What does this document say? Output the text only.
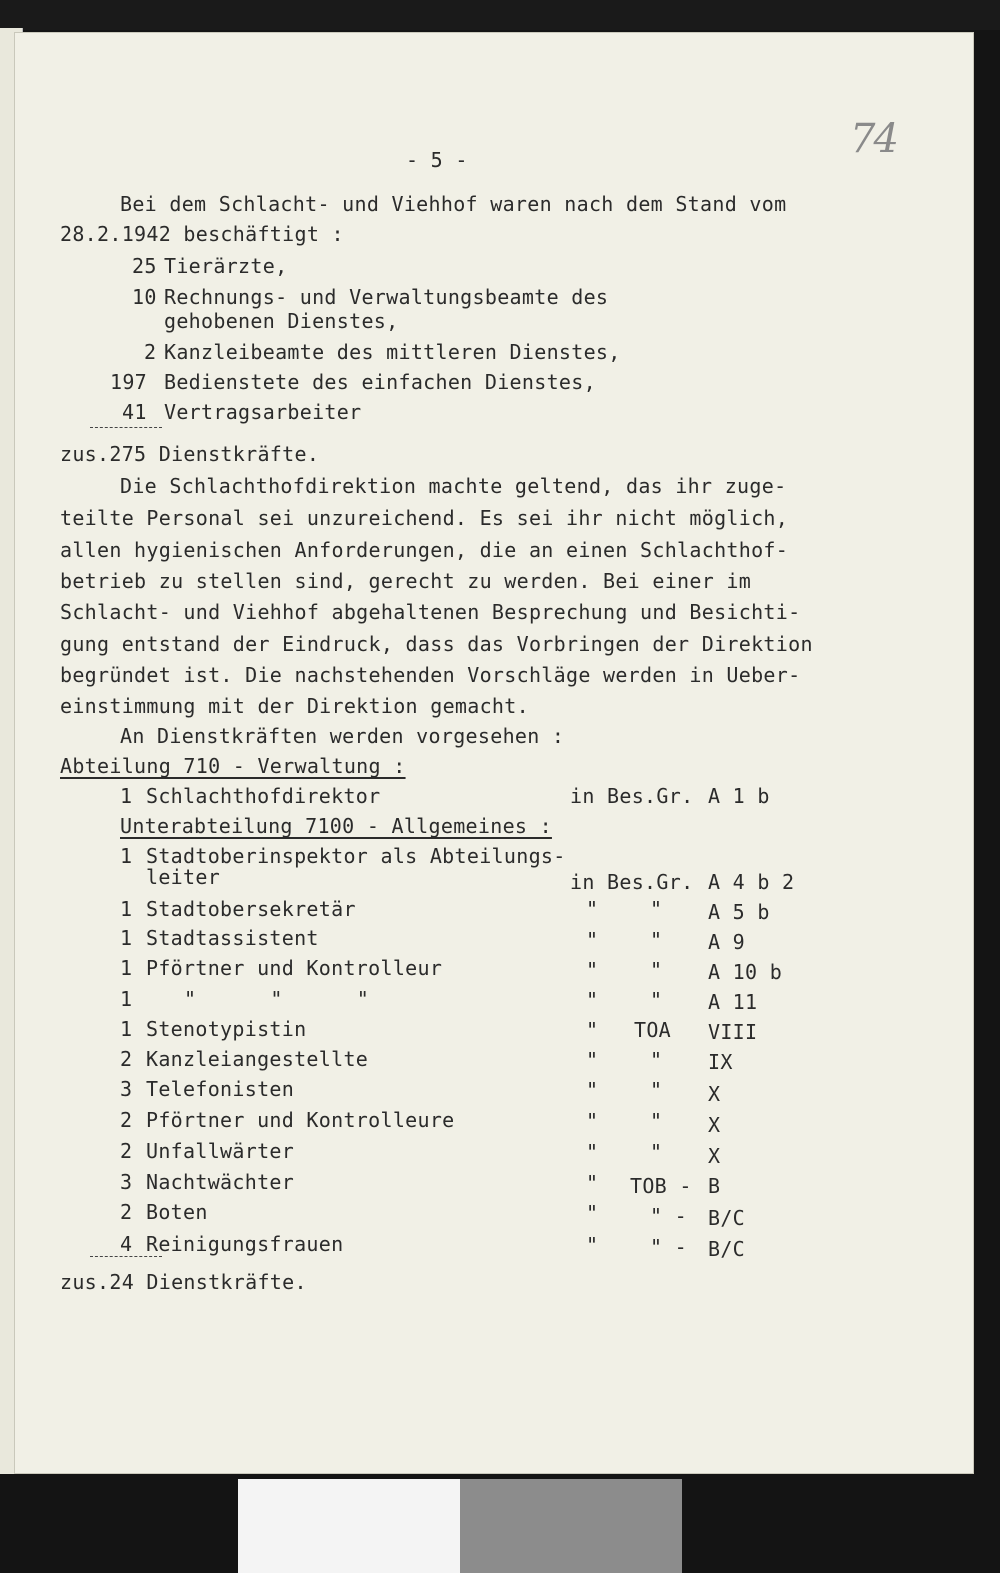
74
- 5 -
Bei dem Schlacht- und Viehhof waren nach dem Stand vom
28.2.1942 beschäftigt :
25 Tierärzte,
10 Rechnungs- und Verwaltungsbeamte des
gehobenen Dienstes,
2 Kanzleibeamte des mittleren Dienstes,
197 Bedienstete des einfachen Dienstes,
41 Vertragsarbeiter
zus.275 Dienstkräfte.
Die Schlachthofdirektion machte geltend, das ihr zuge-
teilte Personal sei unzureichend. Es sei ihr nicht möglich,
allen hygienischen Anforderungen, die an einen Schlachthof-
betrieb zu stellen sind, gerecht zu werden. Bei einer im
Schlacht- und Viehhof abgehaltenen Besprechung und Besichti-
gung entstand der Eindruck, dass das Vorbringen der Direktion
begründet ist. Die nachstehenden Vorschläge werden in Ueber-
einstimmung mit der Direktion gemacht.
An Dienstkräften werden vorgesehen :
Abteilung 710 - Verwaltung :
1 Schlachthofdirektor	in Bes.Gr. A 1 b
Unterabteilung 7100 - Allgemeines :
1 Stadtoberinspektor als Abteilungs-
leiter	in Bes.Gr. A 4 b 2
1 Stadtobersekretär	"	" A 5 b
1 Stadtassistent	"	" A 9
1 Pförtner und Kontrolleur	"	" A 10 b
1	"      "      "	"	" A 11
1 Stenotypistin	" TOA VIII
2 Kanzleiangestellte	"	" IX
3 Telefonisten	"	" X
2 Pförtner und Kontrolleure	"	" X
2 Unfallwärter	"	" X
3 Nachtwächter	" TOB - B
2 Boten	"	" - B/C
4 Reinigungsfrauen	"	" - B/C
zus.24 Dienstkräfte.
